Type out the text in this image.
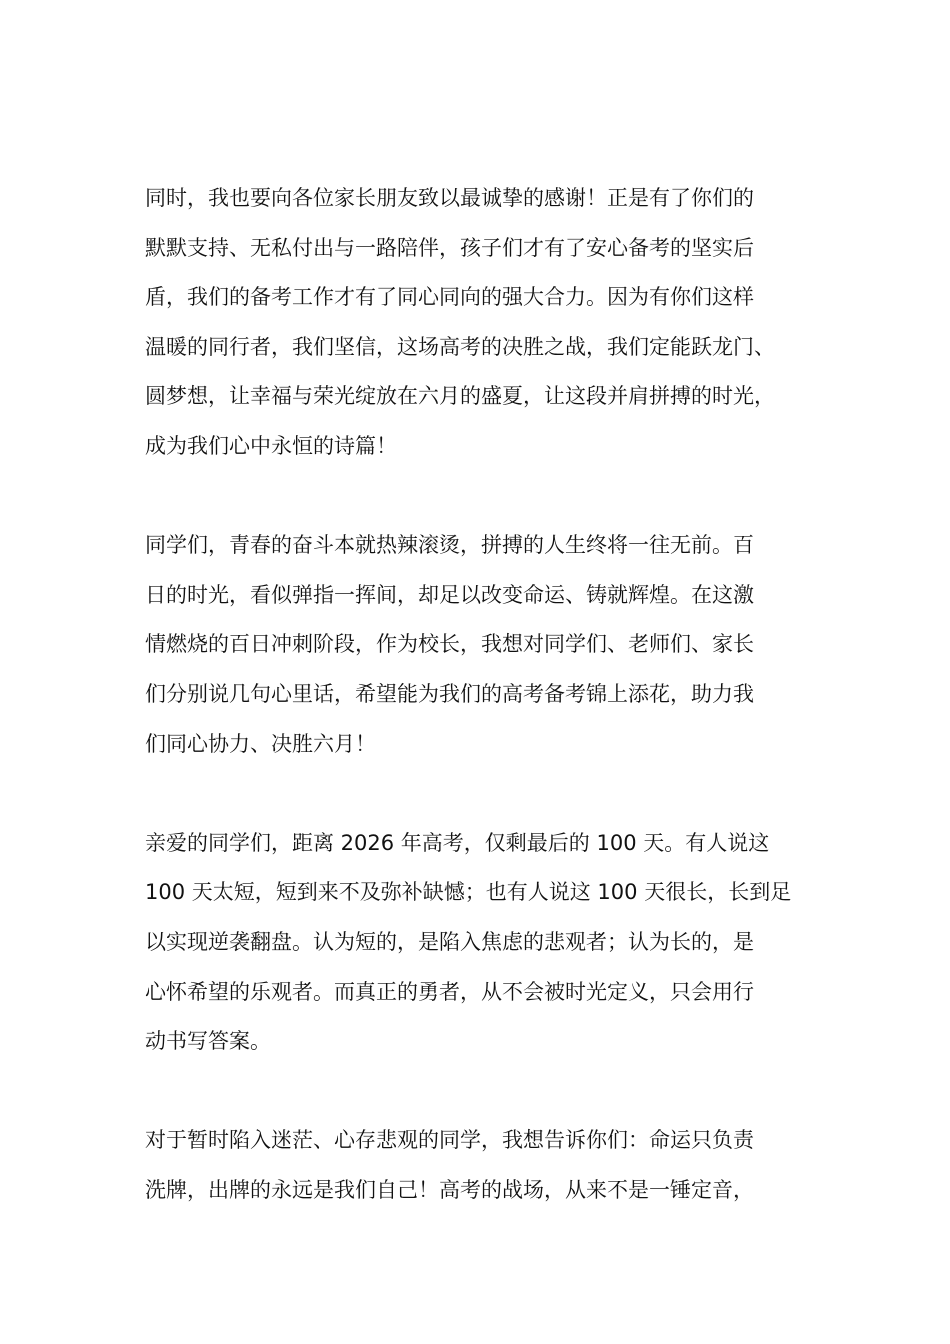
同时，我也要向各位家长朋友致以最诚挚的感谢！正是有了你们的
默默支持、无私付出与一路陪伴，孩子们才有了安心备考的坚实后
盾，我们的备考工作才有了同心同向的强大合力。因为有你们这样
温暖的同行者，我们坚信，这场高考的决胜之战，我们定能跃龙门、
圆梦想，让幸福与荣光绽放在六月的盛夏，让这段并肩拼搏的时光，
成为我们心中永恒的诗篇！
同学们，青春的奋斗本就热辣滚烫，拼搏的人生终将一往无前。百
日的时光，看似弹指一挥间，却足以改变命运、铸就辉煌。在这激
情燃烧的百日冲刺阶段，作为校长，我想对同学们、老师们、家长
们分别说几句心里话，希望能为我们的高考备考锦上添花，助力我
们同心协力、决胜六月！
亲爱的同学们，距离 2026 年高考，仅剩最后的 100 天。有人说这
100 天太短，短到来不及弥补缺憾；也有人说这 100 天很长，长到足
以实现逆袭翻盘。认为短的，是陷入焦虑的悲观者；认为长的，是
心怀希望的乐观者。而真正的勇者，从不会被时光定义，只会用行
动书写答案。
对于暂时陷入迷茫、心存悲观的同学，我想告诉你们：命运只负责
洗牌，出牌的永远是我们自己！高考的战场，从来不是一锤定音，
